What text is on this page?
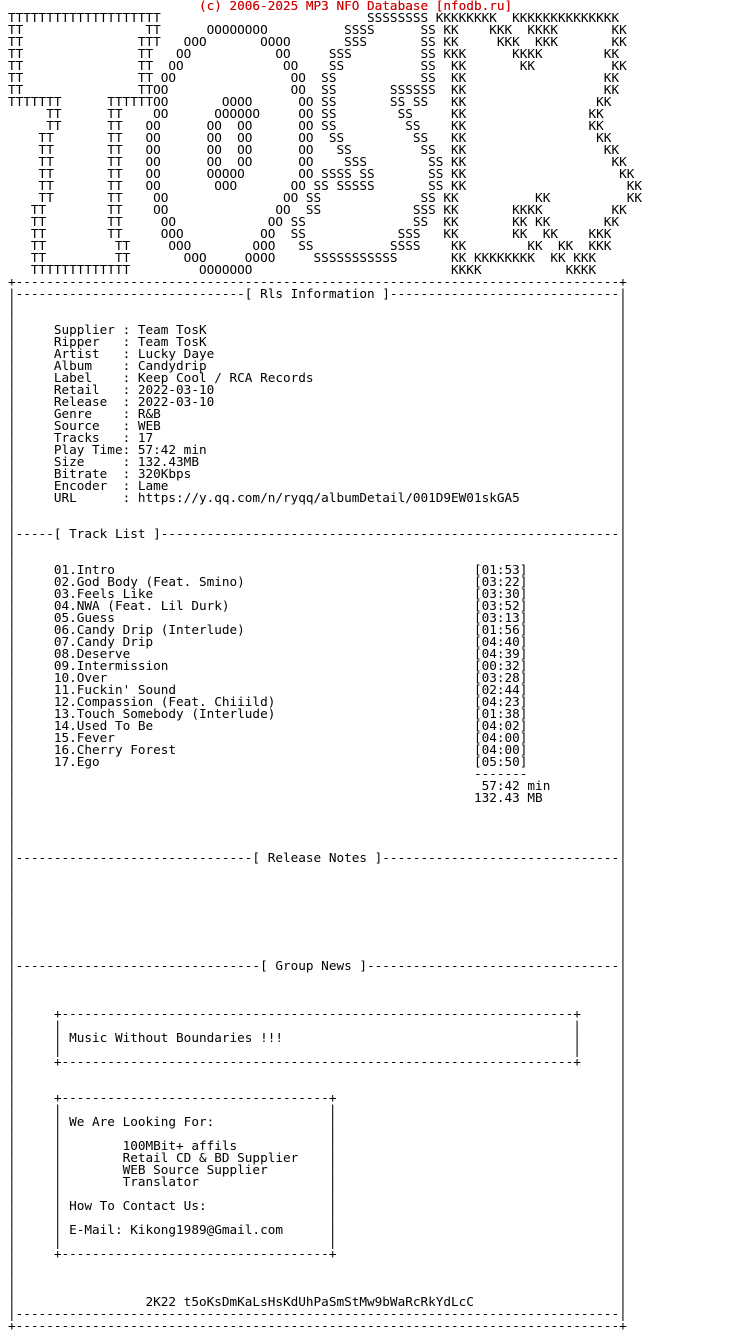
(c) 2006-2025 MP3 NFO Database [nfodb.ru]
TTTTTTTTTTTTTTTTTTTT                           SSSSSSSS KKKKKKKK  KKKKKKKKKKKKKK
TT                TT      OOOOOOOO          SSSS      SS KK    KKK  KKKK       KK
TT               TTT   OOO       OOOO       SSS       SS KK     KKK  KKK       KK
TT               TT   OO           OO     SSS         SS KKK      KKKK        KK
TT               TT  OO             OO    SS          SS  KK       KK          KK
TT               TT OO               OO  SS           SS  KK                  KK
TT               TTOO                OO  SS       SSSSSS  KK                  KK
TTTTTTT      TTTTTTOO       OOOO      OO SS       SS SS   KK                 KK
TT      TT    OO      OOOOOO     OO SS        SS     KK                KK
TT      TT   OO      OO  OO      OO SS         SS    KK                KK
TT       TT   OO      OO  OO      OO  SS         SS   KK                 KK
TT       TT   OO      OO  OO      OO   SS         SS  KK                  KK
TT       TT   OO      OO  OO      OO    SSS        SS KK                   KK
TT       TT   OO      OOOOO       OO SSSS SS       SS KK                    KK
TT       TT   OO       OOO       OO SS SSSSS       SS KK                     KK
TT       TT    OO               OO SS             SS KK          KK          KK
TT        TT    OO              OO  SS            SSS KK       KKKK         KK
TT        TT     OO            OO SS              SS  KK       KK KK       KK
TT        TT     OOO          OO  SS            SSS   KK       KK  KK    KKK
TT         TT     OOO        OOO   SS          SSSS    KK        KK  KK  KKK
TT         TT       OOO     OOOO     SSSSSSSSSSS       KK KKKKKKKK  KK KKK
TTTTTTTTTTTTT         OOOOOOO                          KKKK           KKKK
+-------------------------------------------------------------------------------+
|------------------------------[ Rls Information ]------------------------------|
|                                                                               |
|                                                                               |
|     Supplier : Team TosK                                                      |
|     Ripper   : Team TosK                                                      |
|     Artist   : Lucky Daye                                                     |
|     Album    : Candydrip                                                      |
|     Label    : Keep Cool / RCA Records                                        |
|     Retail   : 2022-03-10                                                     |
|     Release  : 2022-03-10                                                     |
|     Genre    : R&B                                                            |
|     Source   : WEB                                                            |
|     Tracks   : 17                                                             |
|     Play Time: 57:42 min                                                      |
|     Size     : 132.43MB                                                       |
|     Bitrate  : 320Kbps                                                        |
|     Encoder  : Lame                                                           |
|     URL      : https://y.qq.com/n/ryqq/albumDetail/001D9EW01skGA5             |
|                                                                               |
|                                                                               |
|-----[ Track List ]------------------------------------------------------------|
|                                                                               |
|                                                                               |
|     01.Intro                                               [01:53]            |
|     02.God Body (Feat. Smino)                              [03:22]            |
|     03.Feels Like                                          [03:30]            |
|     04.NWA (Feat. Lil Durk)                                [03:52]            |
|     05.Guess                                               [03:13]            |
|     06.Candy Drip (Interlude)                              [01:56]            |
|     07.Candy Drip                                          [04:40]            |
|     08.Deserve                                             [04:39]            |
|     09.Intermission                                        [00:32]            |
|     10.Over                                                [03:28]            |
|     11.Fuckin' Sound                                       [02:44]            |
|     12.Compassion (Feat. Chiiild)                          [04:23]            |
|     13.Touch Somebody (Interlude)                          [01:38]            |
|     14.Used To Be                                          [04:02]            |
|     15.Fever                                               [04:00]            |
|     16.Cherry Forest                                       [04:00]            |
|     17.Ego                                                 [05:50]            |
|                                                            -------            |
|                                                             57:42 min         |
|                                                            132.43 MB          |
|                                                                               |
|                                                                               |
|                                                                               |
|                                                                               |
|-------------------------------[ Release Notes ]-------------------------------|
|                                                                               |
|                                                                               |
|                                                                               |
|                                                                               |
|                                                                               |
|                                                                               |
|                                                                               |
|                                                                               |
|--------------------------------[ Group News ]---------------------------------|
|                                                                               |
|                                                                               |
|                                                                               |
|     +-------------------------------------------------------------------+     |
|     |                                                                   |     |
|     | Music Without Boundaries !!!                                      |     |
|     |                                                                   |     |
|     +-------------------------------------------------------------------+     |
|                                                                               |
|                                                                               |
|     +-----------------------------------+                                     |
|     |                                   |                                     |
|     | We Are Looking For:               |                                     |
|     |                                   |                                     |
|     |        100MBit+ affils            |                                     |
|     |        Retail CD & BD Supplier    |                                     |
|     |        WEB Source Supplier        |                                     |
|     |        Translator                 |                                     |
|     |                                   |                                     |
|     | How To Contact Us:                |                                     |
|     |                                   |                                     |
|     | E-Mail: Kikong1989@Gmail.com      |                                     |
|     |                                   |                                     |
|     +-----------------------------------+                                     |
|                                                                               |
|                                                                               |
|                                                                               |
|                 2K22 t5oKsDmKaLsHsKdUhPaSmStMw9bWaRcRkYdLcC                   |
|-------------------------------------------------------------------------------|
+-------------------------------------------------------------------------------+
